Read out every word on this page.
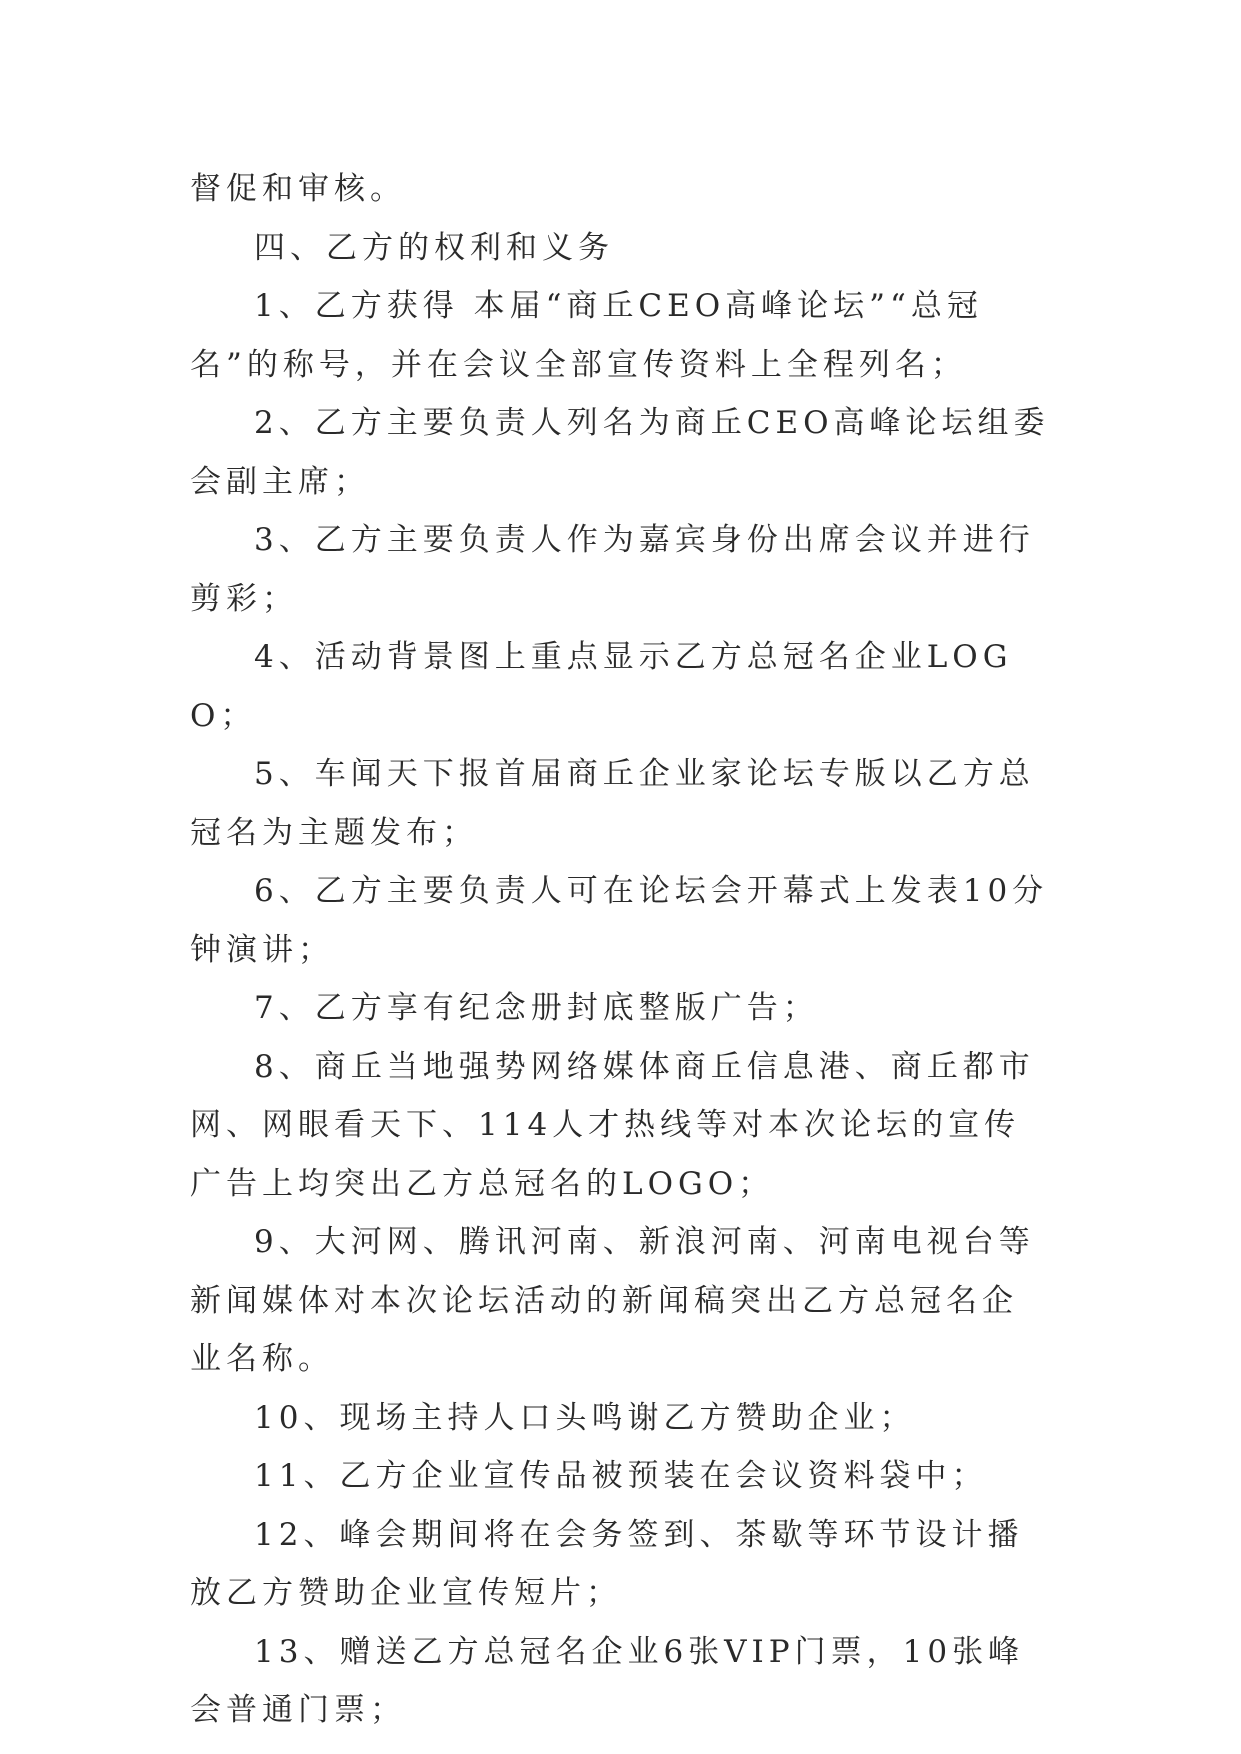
督促和审核。

四、乙方的权利和义务

1、乙方获得 本届“商丘CEO高峰论坛”“总冠名”的称号，并在会议全部宣传资料上全程列名；

2、乙方主要负责人列名为商丘CEO高峰论坛组委会副主席；

3、乙方主要负责人作为嘉宾身份出席会议并进行剪彩；

4、活动背景图上重点显示乙方总冠名企业LOGO；

5、车闻天下报首届商丘企业家论坛专版以乙方总冠名为主题发布；

6、乙方主要负责人可在论坛会开幕式上发表10分钟演讲；

7、乙方享有纪念册封底整版广告；

8、商丘当地强势网络媒体商丘信息港、商丘都市网、网眼看天下、114人才热线等对本次论坛的宣传广告上均突出乙方总冠名的LOGO；

9、大河网、腾讯河南、新浪河南、河南电视台等新闻媒体对本次论坛活动的新闻稿突出乙方总冠名企业名称。

10、现场主持人口头鸣谢乙方赞助企业；

11、乙方企业宣传品被预装在会议资料袋中；

12、峰会期间将在会务签到、茶歇等环节设计播放乙方赞助企业宣传短片；

13、赠送乙方总冠名企业6张VIP门票，10张峰会普通门票；
